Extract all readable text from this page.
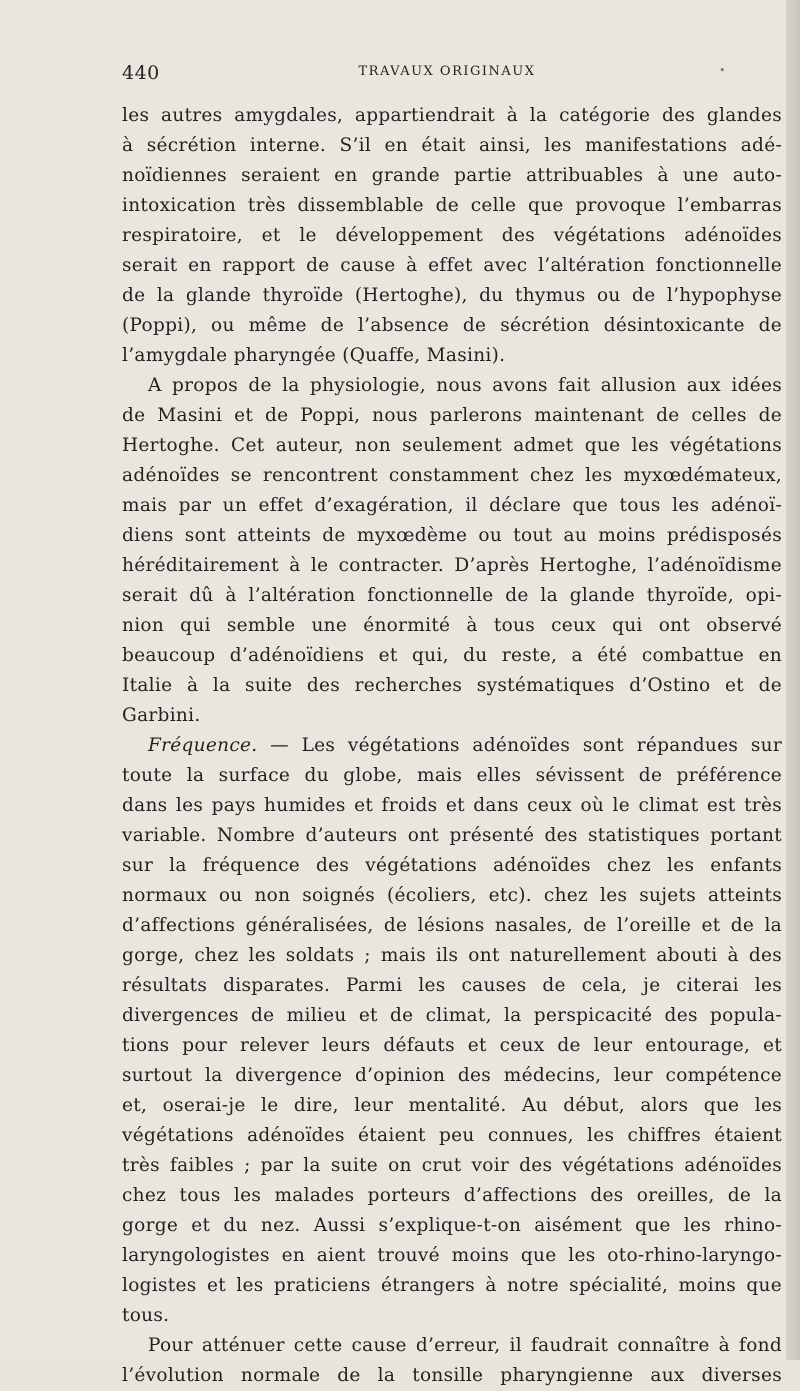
440	TRAVAUX ORIGINAUX	•
les autres amygdales, appartiendrait à la catégorie des glandes
à sécrétion interne. S’il en était ainsi, les manifestations adé-
noïdiennes seraient en grande partie attribuables à une auto-
intoxication très dissemblable de celle que provoque l’embarras
respiratoire, et le développement des végétations adénoïdes
serait en rapport de cause à effet avec l’altération fonctionnelle
de la glande thyroïde (Hertoghe), du thymus ou de l’hypophyse
(Poppi), ou même de l’absence de sécrétion désintoxicante de
l’amygdale pharyngée (Quaffe, Masini).
A propos de la physiologie, nous avons fait allusion aux idées
de Masini et de Poppi, nous parlerons maintenant de celles de
Hertoghe. Cet auteur, non seulement admet que les végétations
adénoïdes se rencontrent constamment chez les myxœdémateux,
mais par un effet d’exagération, il déclare que tous les adénoï-
diens sont atteints de myxœdème ou tout au moins prédisposés
héréditairement à le contracter. D’après Hertoghe, l’adénoïdisme
serait dû à l’altération fonctionnelle de la glande thyroïde, opi-
nion qui semble une énormité à tous ceux qui ont observé
beaucoup d’adénoïdiens et qui, du reste, a été combattue en
Italie à la suite des recherches systématiques d’Ostino et de
Garbini.
Fréquence. — Les végétations adénoïdes sont répandues sur
toute la surface du globe, mais elles sévissent de préférence
dans les pays humides et froids et dans ceux où le climat est très
variable. Nombre d’auteurs ont présenté des statistiques portant
sur la fréquence des végétations adénoïdes chez les enfants
normaux ou non soignés (écoliers, etc). chez les sujets atteints
d’affections généralisées, de lésions nasales, de l’oreille et de la
gorge, chez les soldats ; mais ils ont naturellement abouti à des
résultats disparates. Parmi les causes de cela, je citerai les
divergences de milieu et de climat, la perspicacité des popula-
tions pour relever leurs défauts et ceux de leur entourage, et
surtout la divergence d’opinion des médecins, leur compétence
et, oserai-je le dire, leur mentalité. Au début, alors que les
végétations adénoïdes étaient peu connues, les chiffres étaient
très faibles ; par la suite on crut voir des végétations adénoïdes
chez tous les malades porteurs d’affections des oreilles, de la
gorge et du nez. Aussi s’explique-t-on aisément que les rhino-
laryngologistes en aient trouvé moins que les oto-rhino-laryngo-
logistes et les praticiens étrangers à notre spécialité, moins que
tous.
Pour atténuer cette cause d’erreur, il faudrait connaître à fond
l’évolution normale de la tonsille pharyngienne aux diverses
